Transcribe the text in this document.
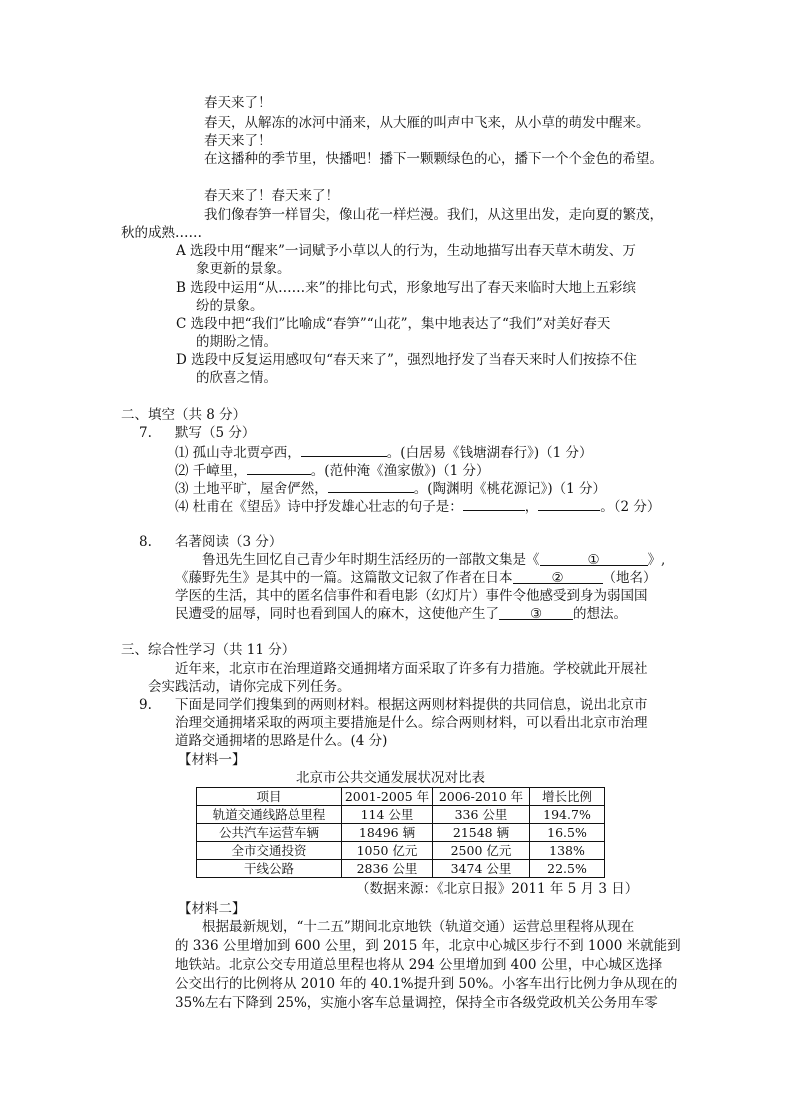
春天来了！
春天，从解冻的冰河中涌来，从大雁的叫声中飞来，从小草的萌发中醒来。
春天来了！
在这播种的季节里，快播吧！播下一颗颗绿色的心，播下一个个金色的希望。
春天来了！春天来了！
我们像春笋一样冒尖，像山花一样烂漫。我们，从这里出发，走向夏的繁茂，
秋的成熟……
A 选段中用“醒来”一词赋予小草以人的行为，生动地描写出春天草木萌发、万
象更新的景象。
B 选段中运用“从……来”的排比句式，形象地写出了春天来临时大地上五彩缤
纷的景象。
C 选段中把“我们”比喻成“春笋”“山花”，集中地表达了“我们”对美好春天
的期盼之情。
D 选段中反复运用感叹句“春天来了”，强烈地抒发了当春天来时人们按捺不住
的欣喜之情。
二、填空（共 8 分）
7. 默写（5 分）
⑴ 孤山寺北贾亭西，	。(白居易《钱塘湖春行》)（1 分）
⑵ 千嶂里，	。(范仲淹《渔家傲》)（1 分）
⑶ 土地平旷，屋舍俨然，	。(陶渊明《桃花源记》)（1 分）
⑷ 杜甫在《望岳》诗中抒发雄心壮志的句子是：	，	。（2 分）
8. 名著阅读（3 分）
鲁迅先生回忆自己青少年时期生活经历的一部散文集是《	①	》,
《藤野先生》是其中的一篇。这篇散文记叙了作者在日本	②	（地名）
学医的生活，其中的匿名信事件和看电影（幻灯片）事件令他感受到身为弱国国
民遭受的屈辱，同时也看到国人的麻木，这使他产生了 ③ 的想法。
三、综合性学习（共 11 分）
近年来，北京市在治理道路交通拥堵方面采取了许多有力措施。学校就此开展社
会实践活动，请你完成下列任务。
9. 下面是同学们搜集到的两则材料。根据这两则材料提供的共同信息，说出北京市
治理交通拥堵采取的两项主要措施是什么。综合两则材料，可以看出北京市治理
道路交通拥堵的思路是什么。(4 分)
【材料一】
北京市公共交通发展状况对比表
项目	2001-2005 年	2006-2010 年	增长比例
轨道交通线路总里程	114 公里	336 公里	194.7%
公共汽车运营车辆	18496 辆	21548 辆	16.5%
全市交通投资	1050 亿元	2500 亿元	138%
干线公路	2836 公里	3474 公里	22.5%
（数据来源：《北京日报》2011 年 5 月 3 日）
【材料二】
根据最新规划，“十二五”期间北京地铁（轨道交通）运营总里程将从现在
的 336 公里增加到 600 公里，到 2015 年，北京中心城区步行不到 1000 米就能到
地铁站。北京公交专用道总里程也将从 294 公里增加到 400 公里，中心城区选择
公交出行的比例将从 2010 年的 40.1%提升到 50%。小客车出行比例力争从现在的
35%左右下降到 25%，实施小客车总量调控，保持全市各级党政机关公务用车零
